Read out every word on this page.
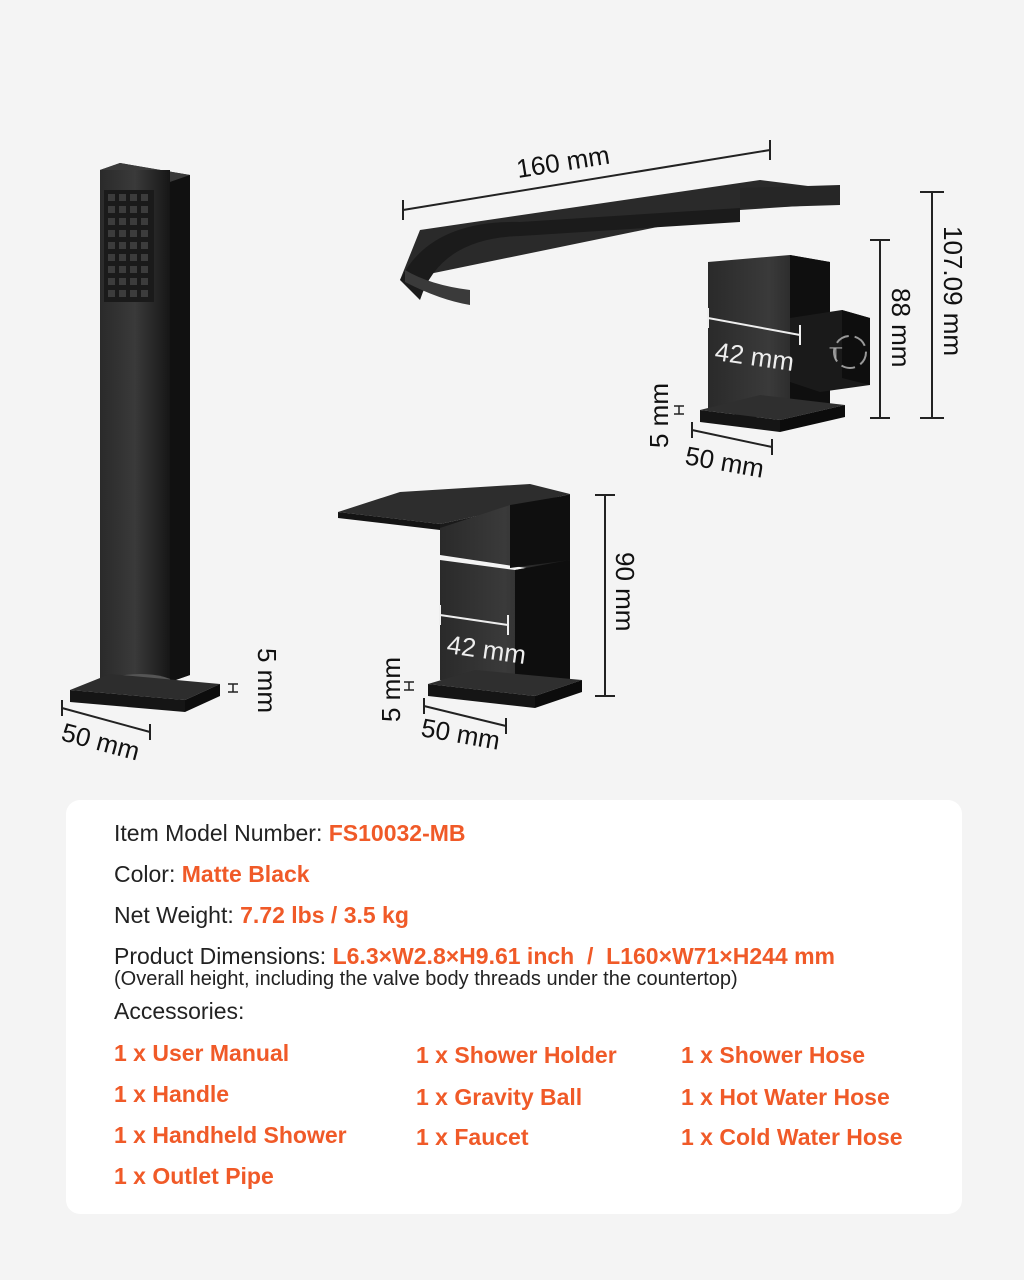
50 mm
5 mm
⊤
160 mm
107.09 mm
88 mm
42 mm
50 mm
5 mm
90 mm
42 mm
50 mm
5 mm
Item Model Number: FS10032-MB
Color: Matte Black
Net Weight: 7.72 lbs / 3.5 kg
Product Dimensions: L6.3×W2.8×H9.61 inch  /  L160×W71×H244 mm
(Overall height, including the valve body threads under the countertop)
Accessories:
1 x User Manual
1 x Handle
1 x Handheld Shower
1 x Outlet Pipe
1 x Shower Holder
1 x Gravity Ball
1 x Faucet
1 x Shower Hose
1 x Hot Water Hose
1 x Cold Water Hose
